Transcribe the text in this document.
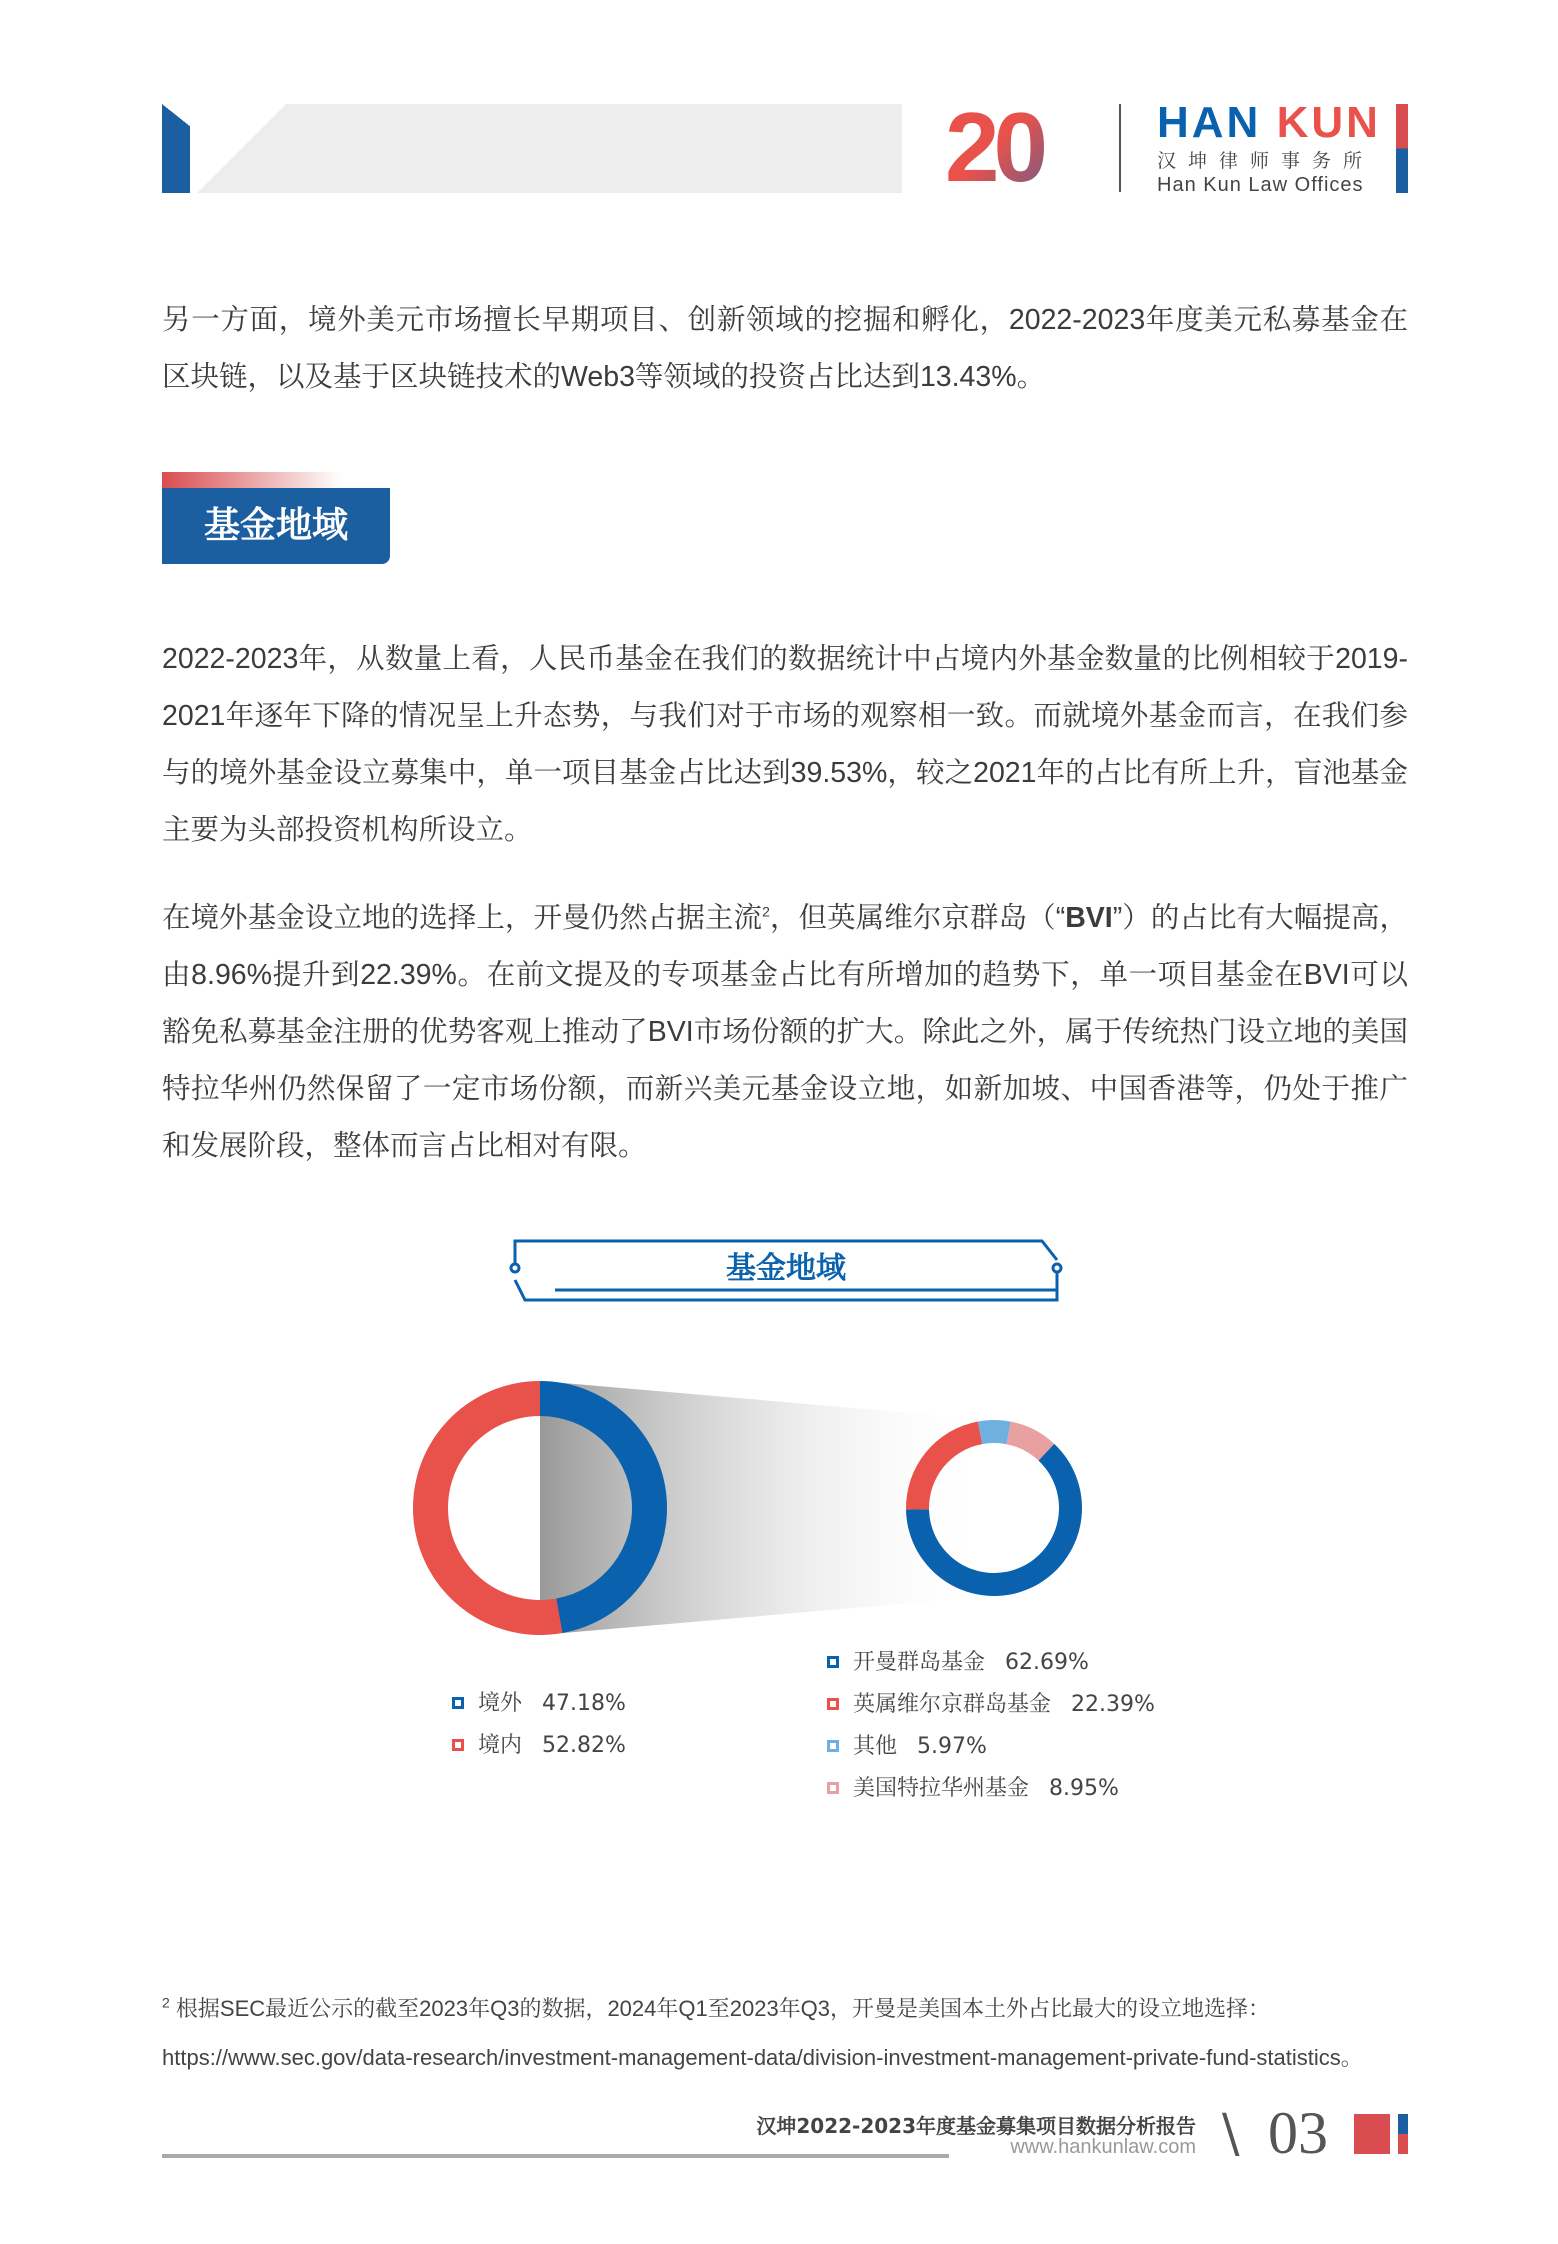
20	HAN KUN
汉坤律师事务所
Han Kun Law Offices

另一方面，境外美元市场擅长早期项目、创新领域的挖掘和孵化，2022-2023年度美元私募基金在区块链，以及基于区块链技术的Web3等领域的投资占比达到13.43%。

基金地域

2022-2023年，从数量上看，人民币基金在我们的数据统计中占境内外基金数量的比例相较于2019-2021年逐年下降的情况呈上升态势，与我们对于市场的观察相一致。而就境外基金而言，在我们参与的境外基金设立募集中，单一项目基金占比达到39.53%，较之2021年的占比有所上升，盲池基金主要为头部投资机构所设立。

在境外基金设立地的选择上，开曼仍然占据主流$^2$，但英属维尔京群岛（“BVI”）的占比有大幅提高，由8.96%提升到22.39%。在前文提及的专项基金占比有所增加的趋势下，单一项目基金在BVI可以豁免私募基金注册的优势客观上推动了BVI市场份额的扩大。除此之外，属于传统热门设立地的美国特拉华州仍然保留了一定市场份额，而新兴美元基金设立地，如新加坡、中国香港等，仍处于推广和发展阶段，整体而言占比相对有限。

基金地域
境外 47.18%
境内 52.82%
开曼群岛基金 62.69%
英属维尔京群岛基金 22.39%
其他 5.97%
美国特拉华州基金 8.95%

$^2$ 根据SEC最近公示的截至2023年Q3的数据，2024年Q1至2023年Q3，开曼是美国本土外占比最大的设立地选择：https://www.sec.gov/data-research/investment-management-data/division-investment-management-private-fund-statistics。

汉坤2022-2023年度基金募集项目数据分析报告
www.hankunlaw.com \ 03
